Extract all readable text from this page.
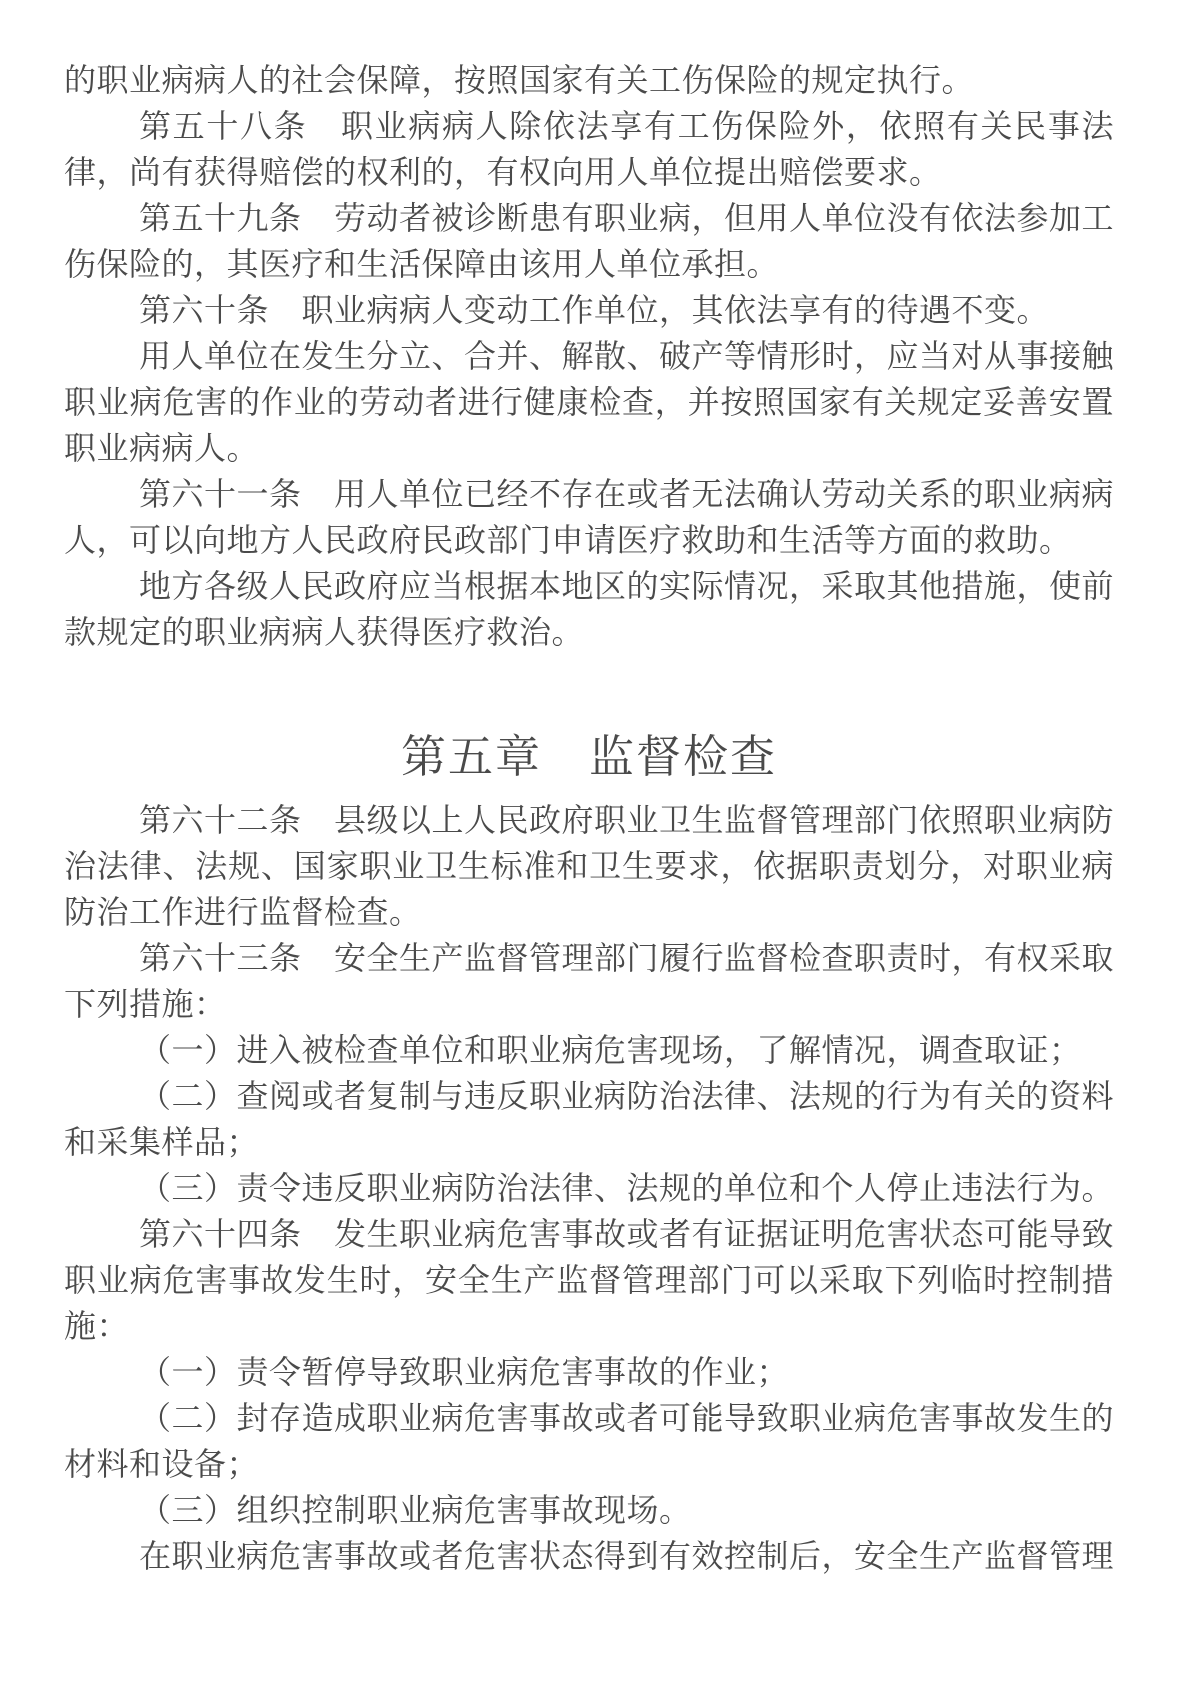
的职业病病人的社会保障，按照国家有关工伤保险的规定执行。

第五十八条　职业病病人除依法享有工伤保险外，依照有关民事法律，尚有获得赔偿的权利的，有权向用人单位提出赔偿要求。

第五十九条　劳动者被诊断患有职业病，但用人单位没有依法参加工伤保险的，其医疗和生活保障由该用人单位承担。

第六十条　职业病病人变动工作单位，其依法享有的待遇不变。

用人单位在发生分立、合并、解散、破产等情形时，应当对从事接触职业病危害的作业的劳动者进行健康检查，并按照国家有关规定妥善安置职业病病人。

第六十一条　用人单位已经不存在或者无法确认劳动关系的职业病病人，可以向地方人民政府民政部门申请医疗救助和生活等方面的救助。

地方各级人民政府应当根据本地区的实际情况，采取其他措施，使前款规定的职业病病人获得医疗救治。

第五章　监督检查

第六十二条　县级以上人民政府职业卫生监督管理部门依照职业病防治法律、法规、国家职业卫生标准和卫生要求，依据职责划分，对职业病防治工作进行监督检查。

第六十三条　安全生产监督管理部门履行监督检查职责时，有权采取下列措施：

（一）进入被检查单位和职业病危害现场，了解情况，调查取证；

（二）查阅或者复制与违反职业病防治法律、法规的行为有关的资料和采集样品；

（三）责令违反职业病防治法律、法规的单位和个人停止违法行为。

第六十四条　发生职业病危害事故或者有证据证明危害状态可能导致职业病危害事故发生时，安全生产监督管理部门可以采取下列临时控制措施：

（一）责令暂停导致职业病危害事故的作业；

（二）封存造成职业病危害事故或者可能导致职业病危害事故发生的材料和设备；

（三）组织控制职业病危害事故现场。

在职业病危害事故或者危害状态得到有效控制后，安全生产监督管理
